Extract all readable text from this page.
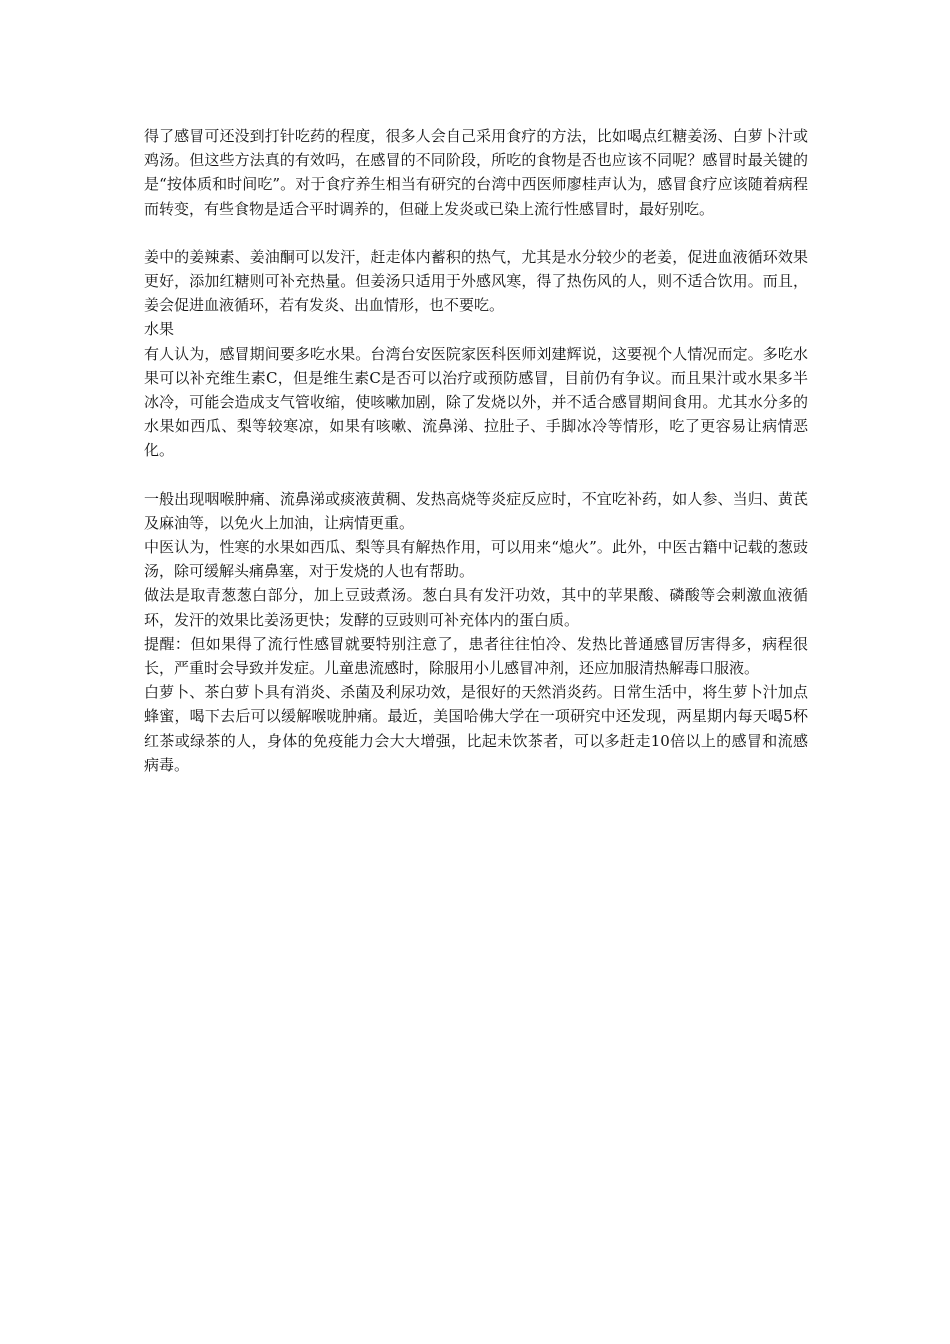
得了感冒可还没到打针吃药的程度，很多人会自己采用食疗的方法，比如喝点红糖姜汤、白萝卜汁或鸡汤。但这些方法真的有效吗，在感冒的不同阶段，所吃的食物是否也应该不同呢？感冒时最关键的是“按体质和时间吃”。对于食疗养生相当有研究的台湾中西医师廖桂声认为，感冒食疗应该随着病程而转变，有些食物是适合平时调养的，但碰上发炎或已染上流行性感冒时，最好别吃。

姜中的姜辣素、姜油酮可以发汗，赶走体内蓄积的热气，尤其是水分较少的老姜，促进血液循环效果更好，添加红糖则可补充热量。但姜汤只适用于外感风寒，得了热伤风的人，则不适合饮用。而且，姜会促进血液循环，若有发炎、出血情形，也不要吃。

水果

有人认为，感冒期间要多吃水果。台湾台安医院家医科医师刘建辉说，这要视个人情况而定。多吃水果可以补充维生素C，但是维生素C是否可以治疗或预防感冒，目前仍有争议。而且果汁或水果多半冰冷，可能会造成支气管收缩，使咳嗽加剧，除了发烧以外，并不适合感冒期间食用。尤其水分多的水果如西瓜、梨等较寒凉，如果有咳嗽、流鼻涕、拉肚子、手脚冰冷等情形，吃了更容易让病情恶化。

一般出现咽喉肿痛、流鼻涕或痰液黄稠、发热高烧等炎症反应时，不宜吃补药，如人参、当归、黄芪及麻油等，以免火上加油，让病情更重。

中医认为，性寒的水果如西瓜、梨等具有解热作用，可以用来“熄火”。此外，中医古籍中记载的葱豉汤，除可缓解头痛鼻塞，对于发烧的人也有帮助。

做法是取青葱葱白部分，加上豆豉煮汤。葱白具有发汗功效，其中的苹果酸、磷酸等会刺激血液循环，发汗的效果比姜汤更快；发酵的豆豉则可补充体内的蛋白质。

提醒：但如果得了流行性感冒就要特别注意了，患者往往怕冷、发热比普通感冒厉害得多，病程很长，严重时会导致并发症。儿童患流感时，除服用小儿感冒冲剂，还应加服清热解毒口服液。

白萝卜、茶白萝卜具有消炎、杀菌及利尿功效，是很好的天然消炎药。日常生活中，将生萝卜汁加点蜂蜜，喝下去后可以缓解喉咙肿痛。最近，美国哈佛大学在一项研究中还发现，两星期内每天喝5杯红茶或绿茶的人，身体的免疫能力会大大增强，比起未饮茶者，可以多赶走10倍以上的感冒和流感病毒。
